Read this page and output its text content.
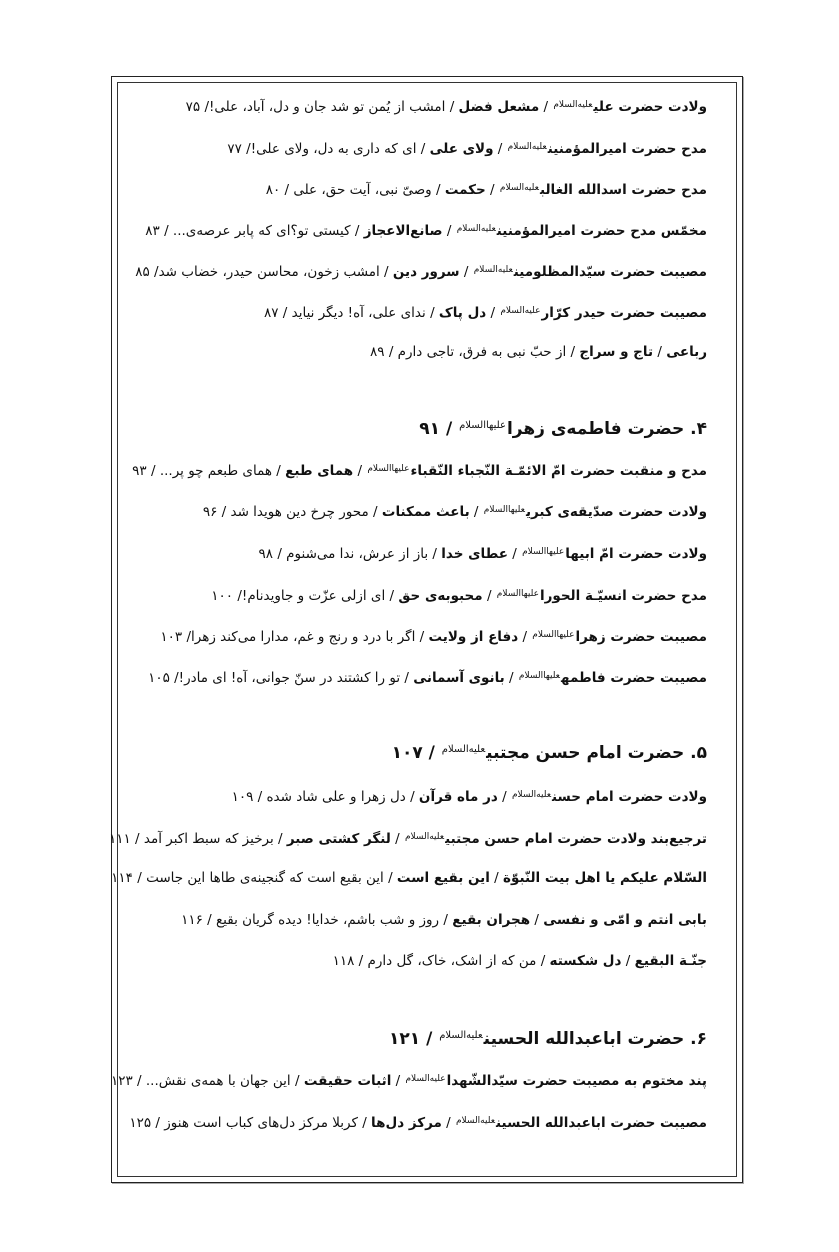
ولادت حضرت علی$^{علیه‌السلام}$ / مشعل فضل / امشب از یُمن تو شد جان و دل، آباد، علی!/ ۷۵
مدح حضرت امیرالمؤمنین$^{علیه‌السلام}$ / ولای علی / ای که داری به دل، ولای علی!/ ۷۷
مدح حضرت اسدالله الغالب$^{علیه‌السلام}$ / حکمت / وصیّ نبی، آیت حق، علی / ۸۰
مخمّس مدح حضرت امیرالمؤمنین$^{علیه‌السلام}$ / صانع‌الاعجاز / کیستی تو؟ای که پابر عرصه‌ی... / ۸۳
مصیبت حضرت سیّدالمظلومین$^{علیه‌السلام}$ / سرور دین / امشب زخون، محاسن حیدر، خضاب شد/ ۸۵
مصیبت حضرت حیدر کرّار$^{علیه‌السلام}$ / دل پاک / ندای علی، آه! دیگر نیاید / ۸۷
رباعی / تاج و سراج / از حبّ نبی به فرق، تاجی دارم / ۸۹
۴. حضرت فاطمه‌ی زهرا$^{علیهاالسلام}$ / ۹۱
مدح و منقبت حضرت امّ الائمّـة النّجباء النّقباء$^{علیهاالسلام}$ / همای طبع / همای طبعم چو پر... / ۹۳
ولادت حضرت صدّیقه‌ی کبری$^{علیهاالسلام}$ / باعث ممکنات / محور چرخ دین هویدا شد / ۹۶
ولادت حضرت امّ ابیها$^{علیهاالسلام}$ / عطای خدا / باز از عرش، ندا می‌شنوم / ۹۸
مدح حضرت انسیّـة الحورا$^{علیهاالسلام}$ / محبوبه‌ی حق / ای ازلی عزّت و جاویدنام!/ ۱۰۰
مصیبت حضرت زهرا$^{علیهاالسلام}$ / دفاع از ولایت / اگر با درد و رنج و غم، مدارا می‌کند زهرا/ ۱۰۳
مصیبت حضرت فاطمه$^{علیهاالسلام}$ / بانوی آسمانی / تو را کشتند در سنّ جوانی، آه! ای مادر!/ ۱۰۵
۵. حضرت امام حسن مجتبی$^{علیه‌السلام}$ / ۱۰۷
ولادت حضرت امام حسن$^{علیه‌السلام}$ / در ماه قرآن / دل زهرا و علی شاد شده / ۱۰۹
ترجیع‌بند ولادت حضرت امام حسن مجتبی$^{علیه‌السلام}$ / لنگر کشتی صبر / برخیز که سبط اکبر آمد / ۱۱۱
السّلام علیکم یا اهل بیت النّبوّة / این بقیع است / این بقیع است که گنجینه‌ی طاها این جاست / ۱۱۴
بابی انتم و امّی و نفسی / هجران بقیع / روز و شب باشم، خدایا! دیده گریان بقیع / ۱۱۶
جنّـة البقیع / دل شکسته / من که از اشک، خاک، گل دارم / ۱۱۸
۶. حضرت اباعبدالله الحسین$^{علیه‌السلام}$ / ۱۲۱
پند مختوم به مصیبت حضرت سیّدالشّهدا$^{علیه‌السلام}$ / اثبات حقیقت / این جهان با همه‌ی نقش... / ۱۲۳
مصیبت حضرت اباعبدالله الحسین$^{علیه‌السلام}$ / مرکز دل‌ها / کربلا مرکز دل‌های کباب است هنوز / ۱۲۵
